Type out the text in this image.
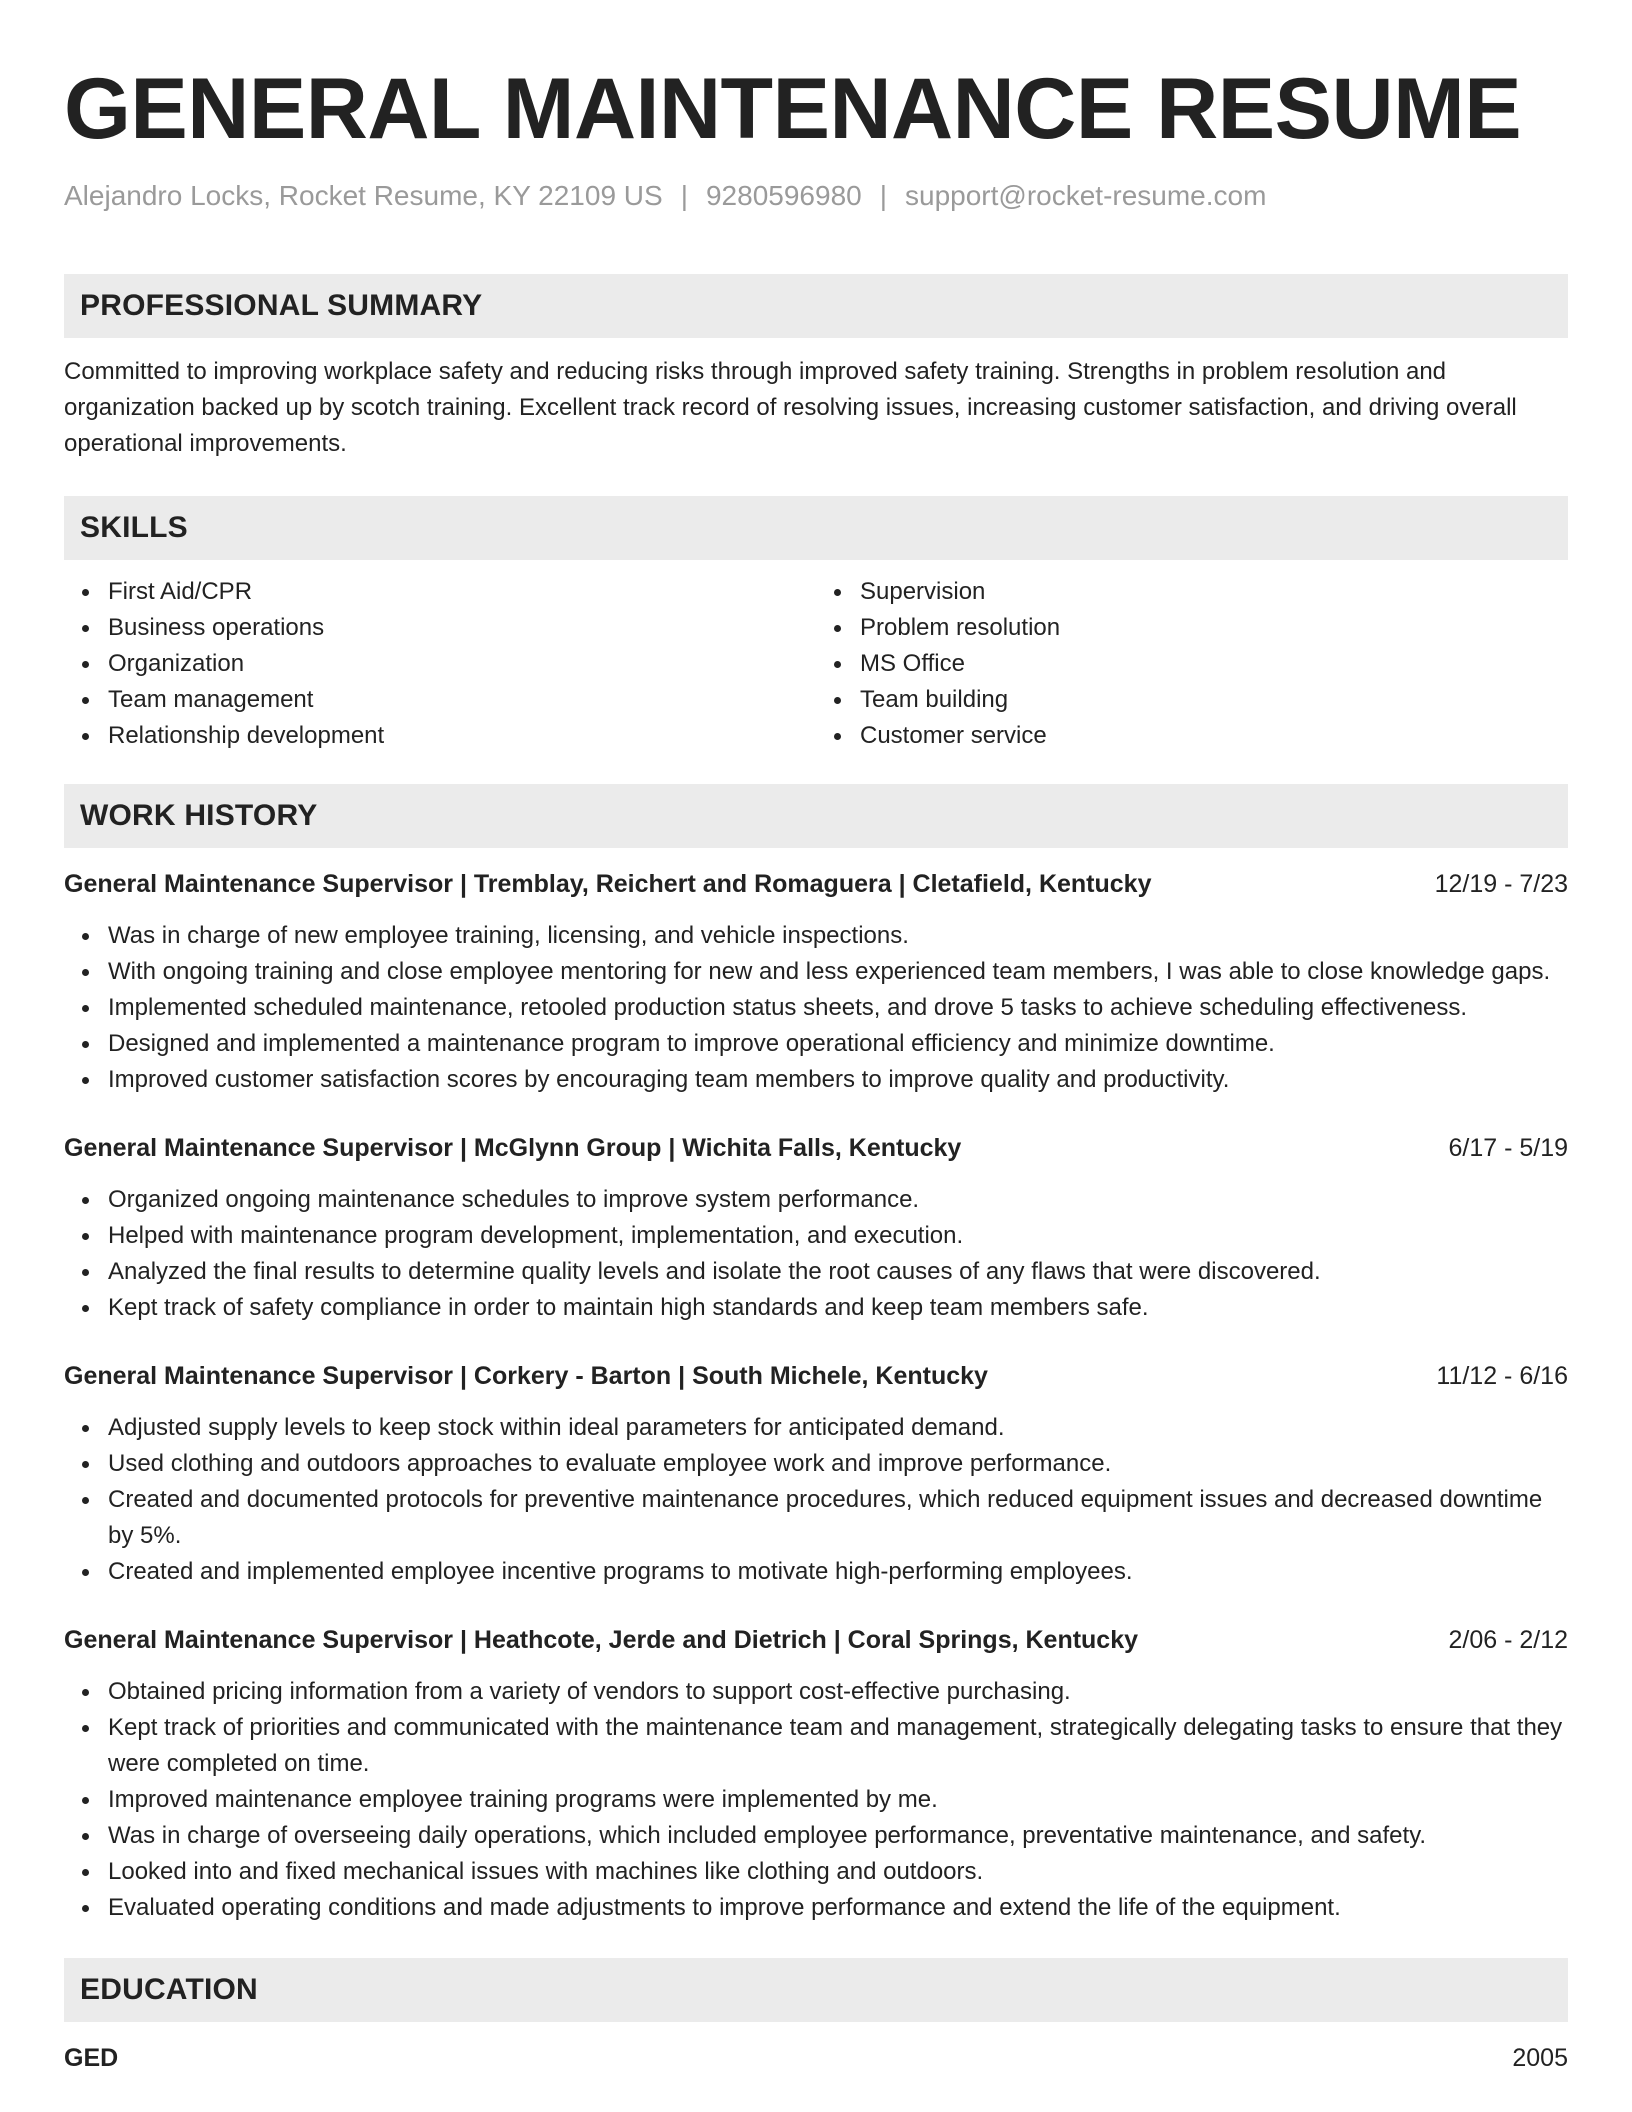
GENERAL MAINTENANCE RESUME
Alejandro Locks, Rocket Resume, KY 22109 US | 9280596980 | support@rocket-resume.com
PROFESSIONAL SUMMARY
Committed to improving workplace safety and reducing risks through improved safety training. Strengths in problem resolution and organization backed up by scotch training. Excellent track record of resolving issues, increasing customer satisfaction, and driving overall operational improvements.
SKILLS
First Aid/CPR
Business operations
Organization
Team management
Relationship development
Supervision
Problem resolution
MS Office
Team building
Customer service
WORK HISTORY
General Maintenance Supervisor | Tremblay, Reichert and Romaguera | Cletafield, Kentucky	12/19 - 7/23
Was in charge of new employee training, licensing, and vehicle inspections.
With ongoing training and close employee mentoring for new and less experienced team members, I was able to close knowledge gaps.
Implemented scheduled maintenance, retooled production status sheets, and drove 5 tasks to achieve scheduling effectiveness.
Designed and implemented a maintenance program to improve operational efficiency and minimize downtime.
Improved customer satisfaction scores by encouraging team members to improve quality and productivity.
General Maintenance Supervisor | McGlynn Group | Wichita Falls, Kentucky	6/17 - 5/19
Organized ongoing maintenance schedules to improve system performance.
Helped with maintenance program development, implementation, and execution.
Analyzed the final results to determine quality levels and isolate the root causes of any flaws that were discovered.
Kept track of safety compliance in order to maintain high standards and keep team members safe.
General Maintenance Supervisor | Corkery - Barton | South Michele, Kentucky	11/12 - 6/16
Adjusted supply levels to keep stock within ideal parameters for anticipated demand.
Used clothing and outdoors approaches to evaluate employee work and improve performance.
Created and documented protocols for preventive maintenance procedures, which reduced equipment issues and decreased downtime by 5%.
Created and implemented employee incentive programs to motivate high-performing employees.
General Maintenance Supervisor | Heathcote, Jerde and Dietrich | Coral Springs, Kentucky	2/06 - 2/12
Obtained pricing information from a variety of vendors to support cost-effective purchasing.
Kept track of priorities and communicated with the maintenance team and management, strategically delegating tasks to ensure that they were completed on time.
Improved maintenance employee training programs were implemented by me.
Was in charge of overseeing daily operations, which included employee performance, preventative maintenance, and safety.
Looked into and fixed mechanical issues with machines like clothing and outdoors.
Evaluated operating conditions and made adjustments to improve performance and extend the life of the equipment.
EDUCATION
GED	2005
